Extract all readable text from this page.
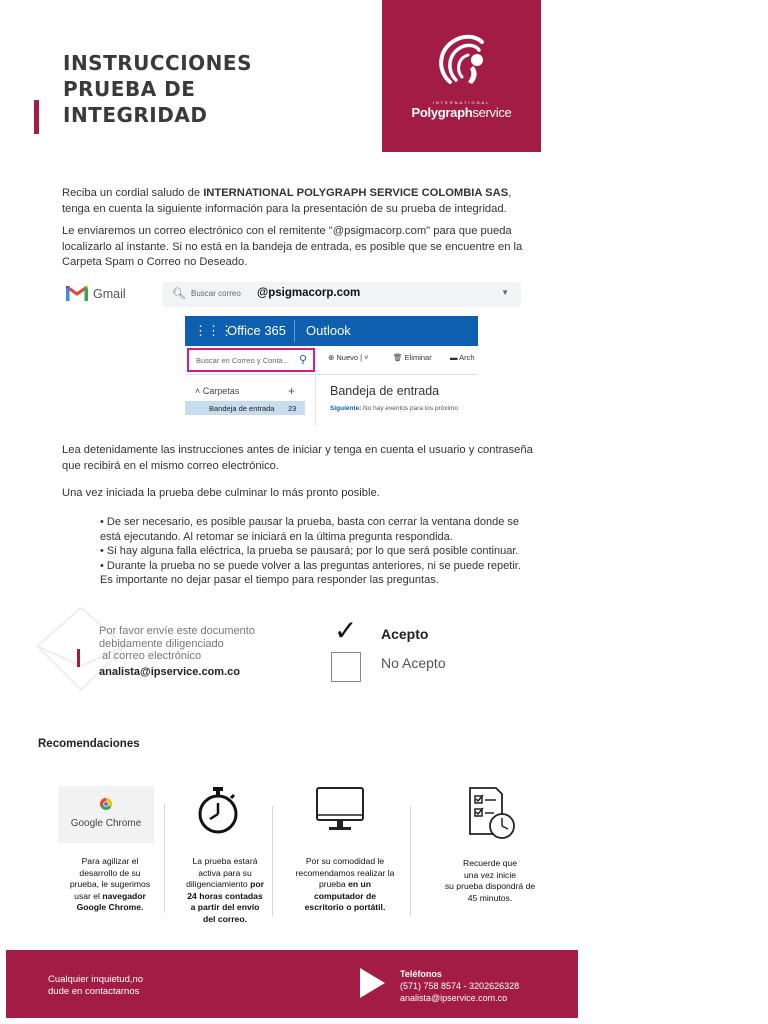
INSTRUCCIONES
PRUEBA DE
INTEGRIDAD
INTERNATIONAL
Polygraphservice
Reciba un cordial saludo de INTERNATIONAL POLYGRAPH SERVICE COLOMBIA SAS, tenga en cuenta la siguiente información para la presentación de su prueba de integridad.
Le enviaremos un correo electrónico con el remitente "@psigmacorp.com" para que pueda localizarlo al instante. Si no está en la bandeja de entrada, es posible que se encuentre en la Carpeta Spam o Correo no Deseado.
Gmail	🔍︎ Buscar correo @psigmacorp.com	▼
⋮⋮⋮
Office 365 Outlook
Buscar en Correo y Conta... ⚲	⊕ Nuevo | ˅	🗑 Eliminar ▬ Arch
˄ Carpetas	+
Bandeja de entrada 23
Bandeja de entrada
Siguiente: No hay eventos para los próximo
Lea detenidamente las instrucciones antes de iniciar y tenga en cuenta el usuario y contraseña que recibirá en el mismo correo electrónico.
Una vez iniciada la prueba debe culminar lo más pronto posible.
• De ser necesario, es posible pausar la prueba, basta con cerrar la ventana donde se está ejecutando. Al retomar se iniciará en la última pregunta respondida.
• Si hay alguna falla eléctrica, la prueba se pausará; por lo que será posible continuar.
• Durante la prueba no se puede volver a las preguntas anteriores, ni se puede repetir. Es importante no dejar pasar el tiempo para responder las preguntas.
Por favor envíe este documento
debidamente diligenciado
al correo electrónico
analista@ipservice.com.co
✓ Acepto
No Acepto
Recomendaciones
Google Chrome
Para agilizar el
desarrollo de su
prueba, le sugerimos
usar el navegador
Google Chrome.
La prueba estará
activa para su
diligenciamiento por
24 horas contadas
a partir del envío
del correo.
Por su comodidad le
recomendamos realizar la
prueba en un
computador de
escritorio o portátil.
Recuerde que
una vez inicie
su prueba dispondrá de
45 minutos.
Cualquier inquietud,no
dude en contactarnos
Teléfonos
(571) 758 8574 - 3202626328
analista@ipservice.com.co
